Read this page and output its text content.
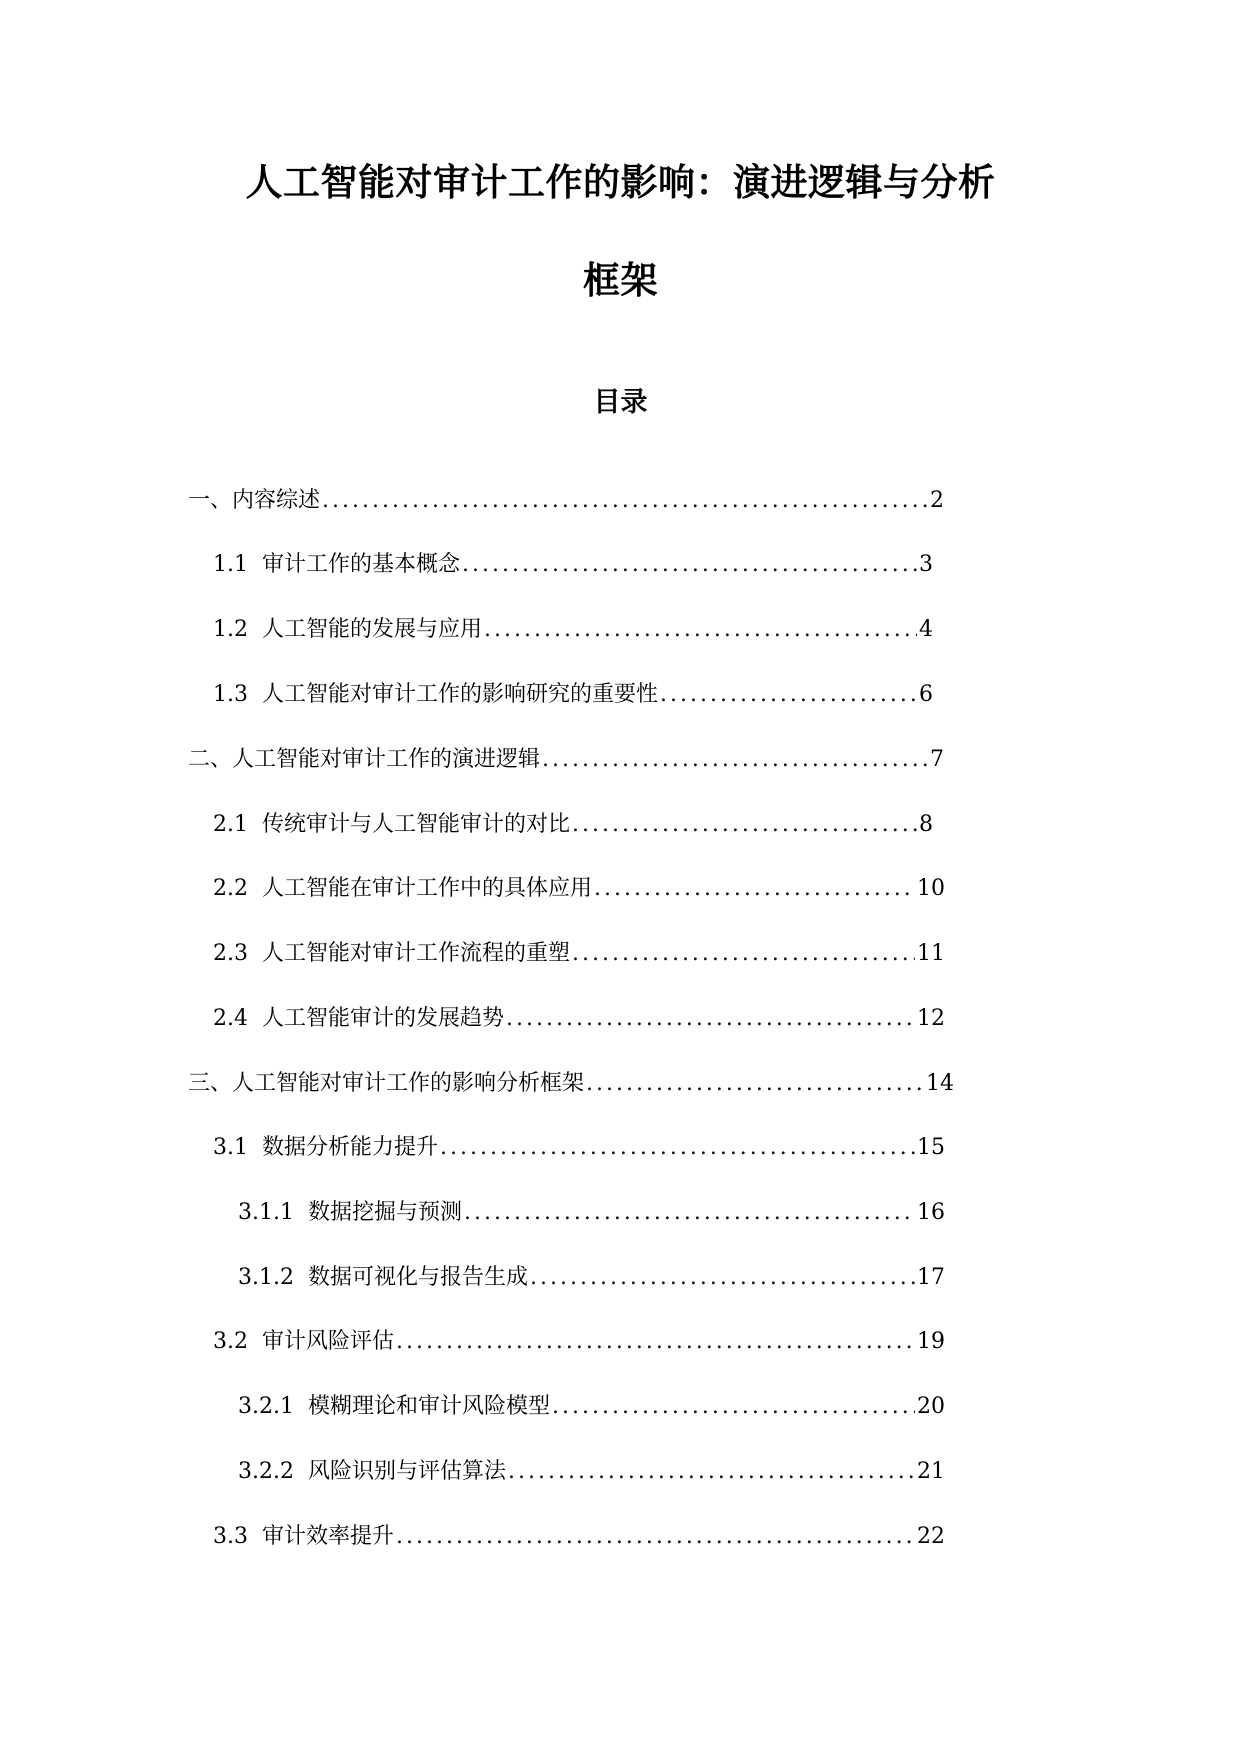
人工智能对审计工作的影响：演进逻辑与分析
框架
目录
一、内容综述 .....	2
1.1 审计工作的基本概念 .....	3
1.2 人工智能的发展与应用 .....	4
1.3 人工智能对审计工作的影响研究的重要性 .....	6
二、人工智能对审计工作的演进逻辑 .....	7
2.1 传统审计与人工智能审计的对比 .....	8
2.2 人工智能在审计工作中的具体应用 .....	10
2.3 人工智能对审计工作流程的重塑 .....	11
2.4 人工智能审计的发展趋势 .....	12
三、人工智能对审计工作的影响分析框架 .....	14
3.1 数据分析能力提升 .....	15
3.1.1 数据挖掘与预测 .....	16
3.1.2 数据可视化与报告生成 .....	17
3.2 审计风险评估 .....	19
3.2.1 模糊理论和审计风险模型 .....	20
3.2.2 风险识别与评估算法 .....	21
3.3 审计效率提升 .....	22
